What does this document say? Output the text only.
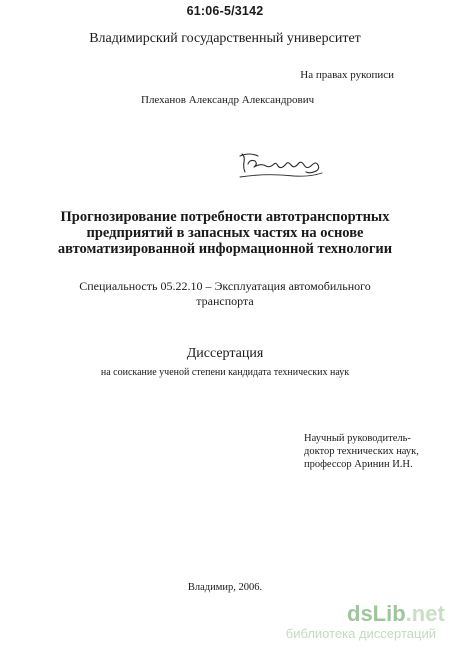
61:06-5/3142
Владимирский государственный университет
На правах рукописи
Плеханов Александр Александрович
Прогнозирование потребности автотранспортных
предприятий в запасных частях на основе
автоматизированной информационной технологии
Специальность 05.22.10 – Эксплуатация автомобильного
транспорта
Диссертация
на соискание ученой степени кандидата технических наук
Научный руководитель-
доктор технических наук,
профессор Аринин И.Н.
Владимир, 2006.
dsLib.net
библиотека диссертаций
